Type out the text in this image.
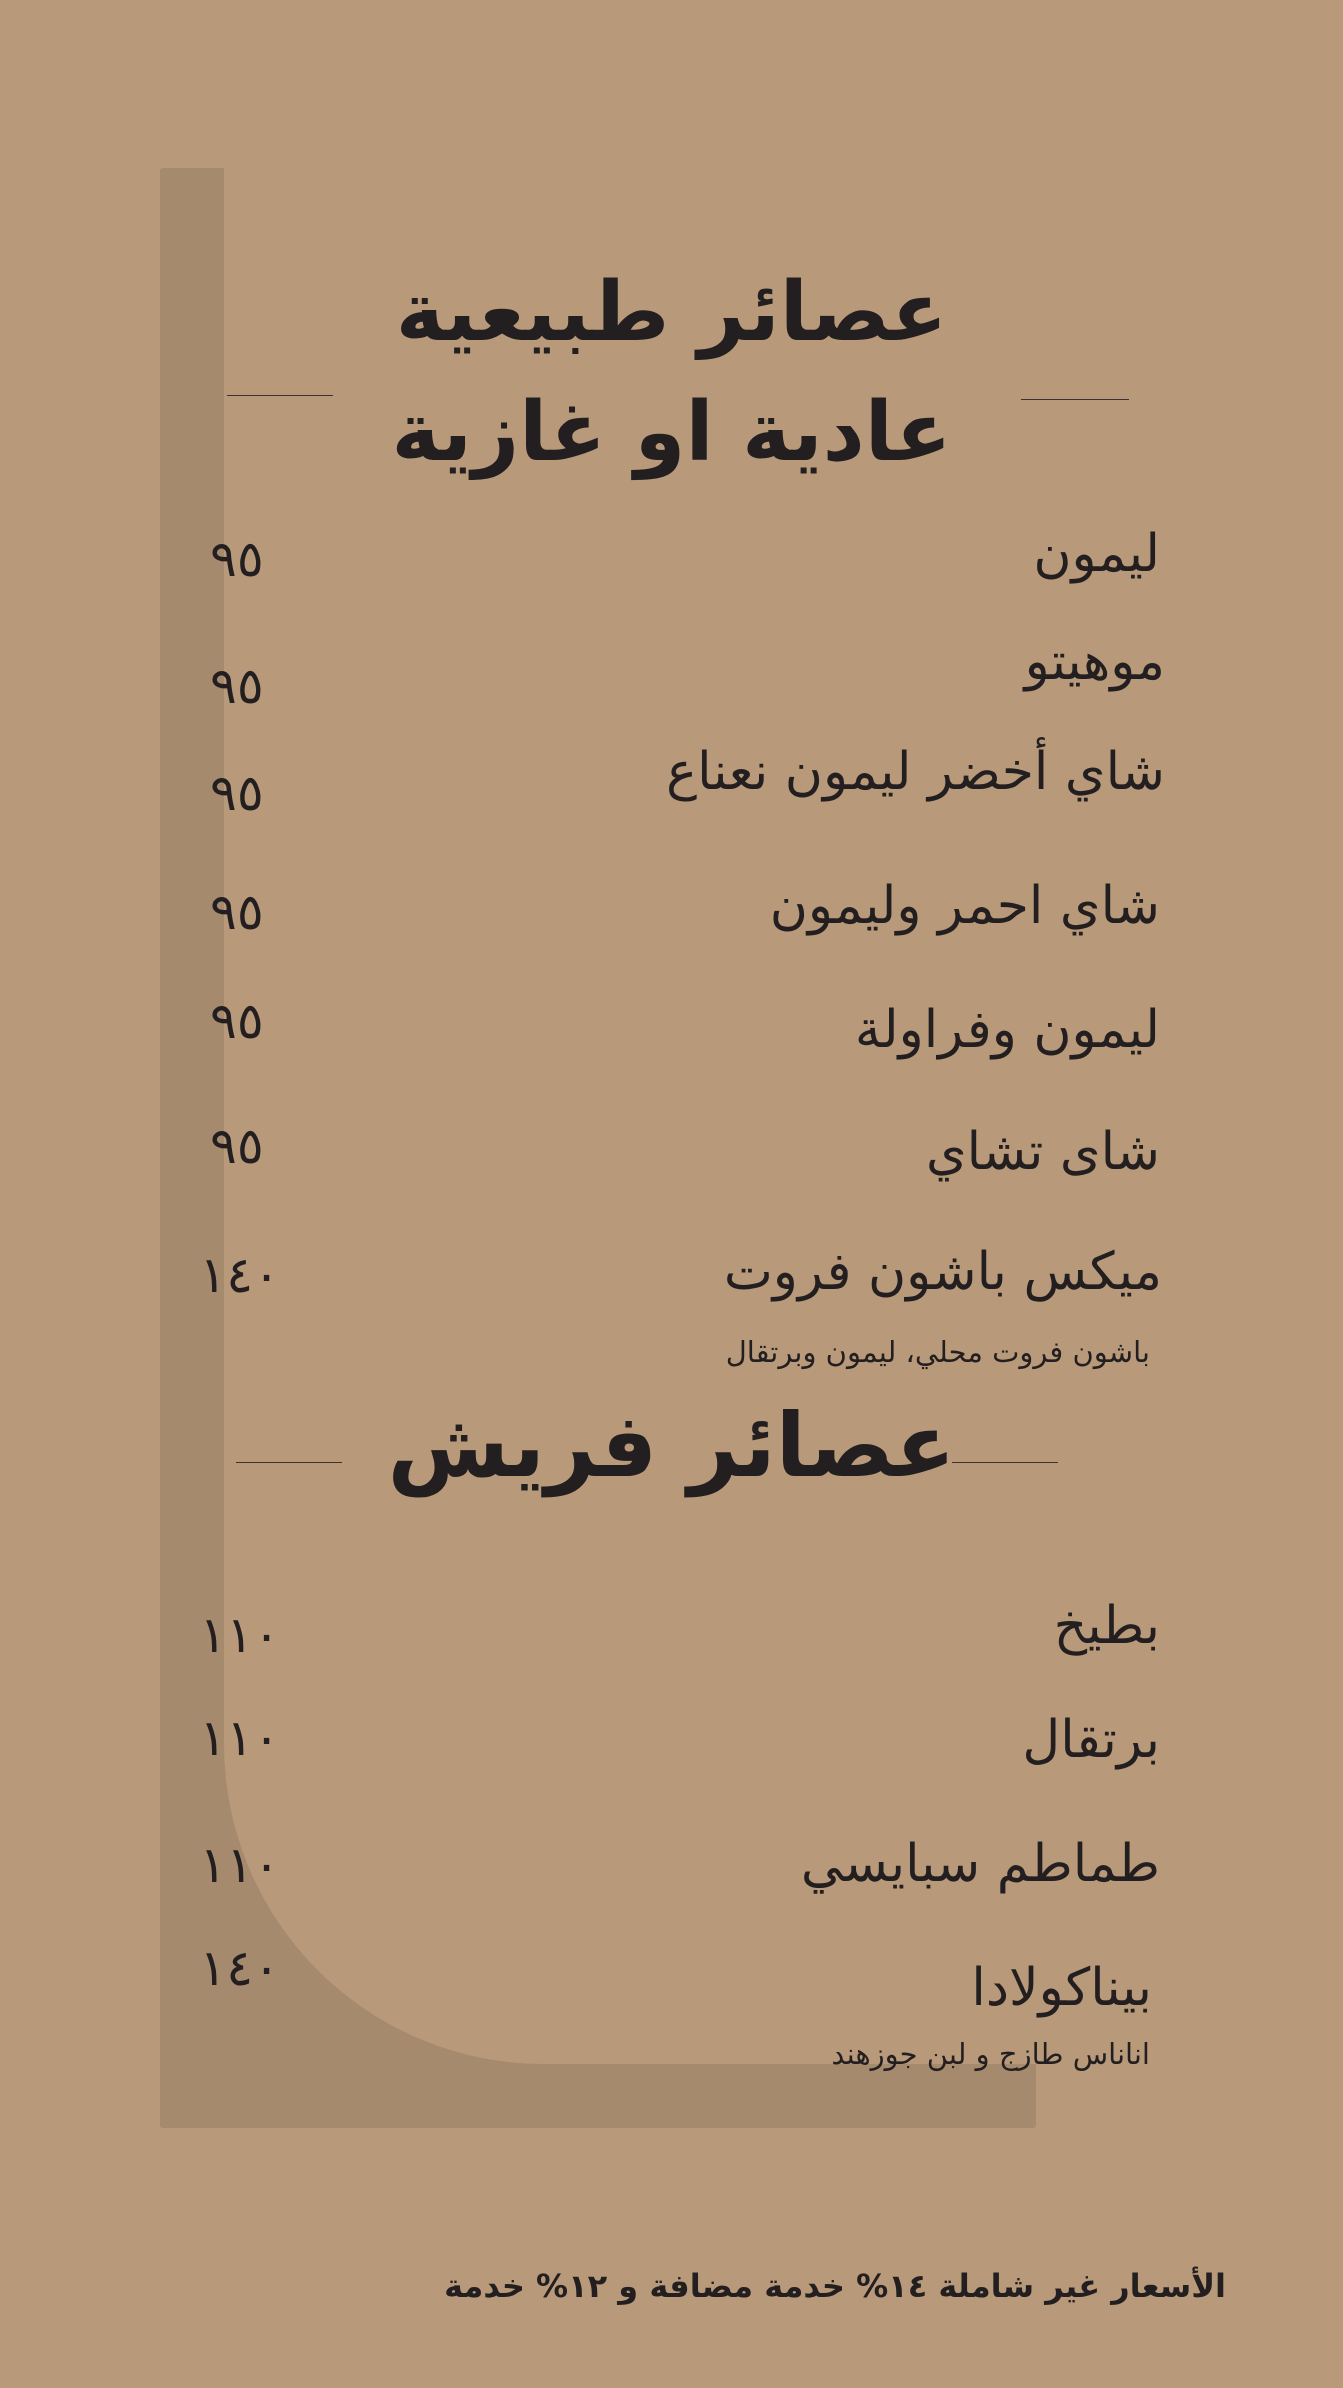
عصائر طبيعية
عادية او غازية
ليمون
٩٥
موهيتو
٩٥
شاي أخضر ليمون نعناع
٩٥
شاي احمر وليمون
٩٥
ليمون وفراولة
٩٥
شاى تشاي
٩٥
ميكس باشون فروت
١٤٠
باشون فروت محلي، ليمون وبرتقال
عصائر فريش
بطيخ
١١٠
برتقال
١١٠
طماطم سبايسي
١١٠
بيناكولادا
١٤٠
اناناس طازج و لبن جوزهند
الأسعار غير شاملة ١٤% خدمة مضافة و ١٢% خدمة
